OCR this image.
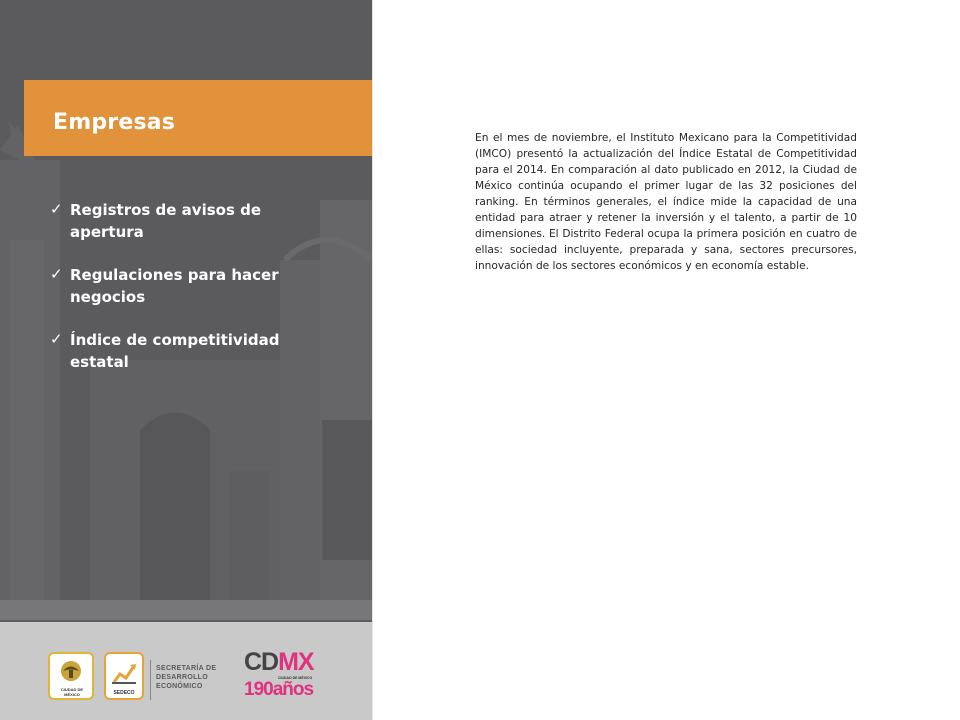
Empresas
✓ Registros de avisos de apertura
✓ Regulaciones para hacer negocios
✓ Índice de competitividad estatal
CIUDAD DE MÉXICO	SEDECO
SECRETARÍA DE
DESARROLLO
ECONÓMICO
CDMX
CIUDAD DE MÉXICO
190años

En el mes de noviembre, el Instituto Mexicano para la Competitividad (IMCO) presentó la actualización del Índice Estatal de Competitividad para el 2014. En comparación al dato publicado en 2012, la Ciudad de México continúa ocupando el primer lugar de las 32 posiciones del ranking. En términos generales, el índice mide la capacidad de una entidad para atraer y retener la inversión y el talento, a partir de 10 dimensiones. El Distrito Federal ocupa la primera posición en cuatro de ellas: sociedad incluyente, preparada y sana, sectores precursores, innovación de los sectores económicos y en economía estable.
